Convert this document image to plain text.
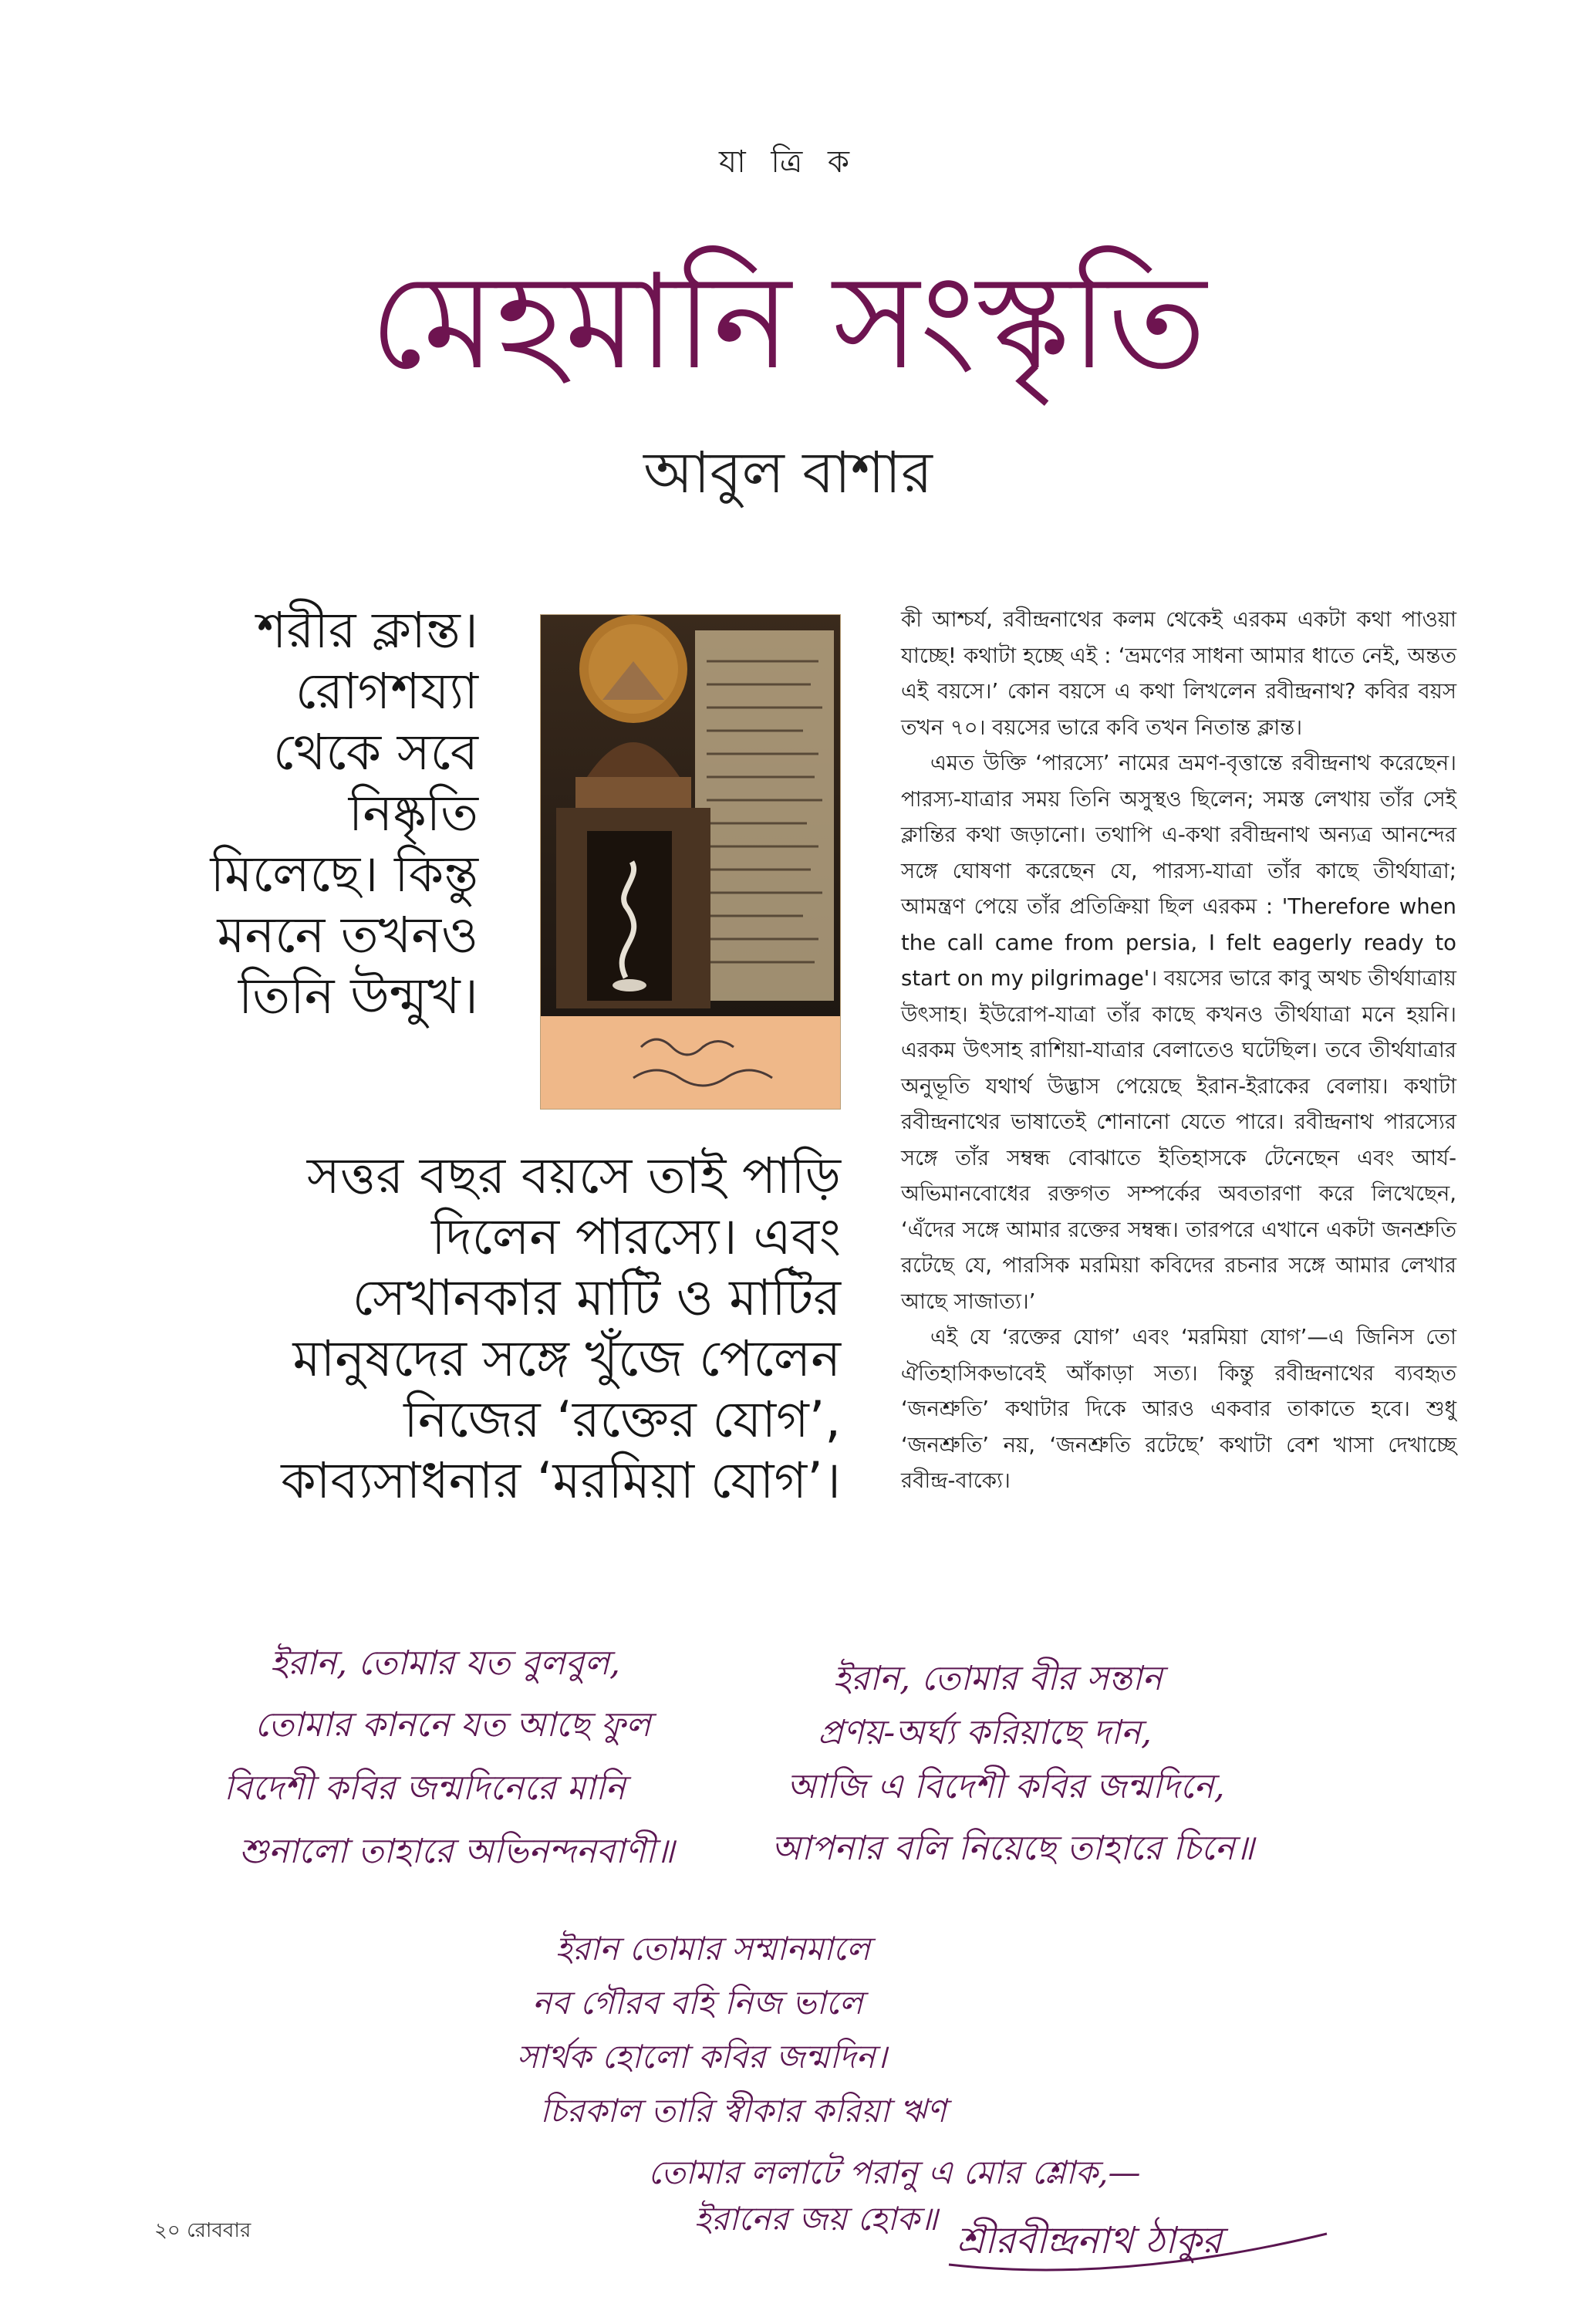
যা ত্রি ক
মেহমানি সংস্কৃতি
আবুল বাশার
শরীর ক্লান্ত।
রোগশয্যা
থেকে সবে
নিষ্কৃতি
মিলেছে। কিন্তু
মননে তখনও
তিনি উন্মুখ।
সত্তর বছর বয়সে তাই পাড়ি
দিলেন পারস্যে। এবং
সেখানকার মাটি ও মাটির
মানুষদের সঙ্গে খুঁজে পেলেন
নিজের ‘রক্তের যোগ’,
কাব্যসাধনার ‘মরমিয়া যোগ’।

কী আশ্চর্য, রবীন্দ্রনাথের কলম থেকেই এরকম একটা কথা পাওয়া যাচ্ছে! কথাটা হচ্ছে এই : ‘ভ্রমণের সাধনা আমার ধাতে নেই, অন্তত এই বয়সে।’ কোন বয়সে এ কথা লিখলেন রবীন্দ্রনাথ? কবির বয়স তখন ৭০। বয়সের ভারে কবি তখন নিতান্ত ক্লান্ত।

এমত উক্তি ‘পারস্যে’ নামের ভ্রমণ-বৃত্তান্তে রবীন্দ্রনাথ করেছেন। পারস্য-যাত্রার সময় তিনি অসুস্থও ছিলেন; সমস্ত লেখায় তাঁর সেই ক্লান্তির কথা জড়ানো। তথাপি এ-কথা রবীন্দ্রনাথ অন্যত্র আনন্দের সঙ্গে ঘোষণা করেছেন যে, পারস্য-যাত্রা তাঁর কাছে তীর্থযাত্রা; আমন্ত্রণ পেয়ে তাঁর প্রতিক্রিয়া ছিল এরকম : 'Therefore when the call came from persia, I felt eagerly ready to start on my pilgrimage'। বয়সের ভারে কাবু অথচ তীর্থযাত্রায় উৎসাহ। ইউরোপ-যাত্রা তাঁর কাছে কখনও তীর্থযাত্রা মনে হয়নি। এরকম উৎসাহ রাশিয়া-যাত্রার বেলাতেও ঘটেছিল। তবে তীর্থযাত্রার অনুভূতি যথার্থ উদ্ভাস পেয়েছে ইরান-ইরাকের বেলায়। কথাটা রবীন্দ্রনাথের ভাষাতেই শোনানো যেতে পারে। রবীন্দ্রনাথ পারস্যের সঙ্গে তাঁর সম্বন্ধ বোঝাতে ইতিহাসকে টেনেছেন এবং আর্য-অভিমানবোধের রক্তগত সম্পর্কের অবতারণা করে লিখেছেন, ‘এঁদের সঙ্গে আমার রক্তের সম্বন্ধ। তারপরে এখানে একটা জনশ্রুতি রটেছে যে, পারসিক মরমিয়া কবিদের রচনার সঙ্গে আমার লেখার আছে সাজাত্য।’

এই যে ‘রক্তের যোগ’ এবং ‘মরমিয়া যোগ’—এ জিনিস তো ঐতিহাসিকভাবেই আঁকাড়া সত্য। কিন্তু রবীন্দ্রনাথের ব্যবহৃত ‘জনশ্রুতি’ কথাটার দিকে আরও একবার তাকাতে হবে। শুধু ‘জনশ্রুতি’ নয়, ‘জনশ্রুতি রটেছে’ কথাটা বেশ খাসা দেখাচ্ছে রবীন্দ্র-বাক্যে।

ইরান, তোমার যত বুলবুল,
তোমার কাননে যত আছে ফুল
বিদেশী কবির জন্মদিনেরে মানি
শুনালো তাহারে অভিনন্দনবাণী॥
ইরান, তোমার বীর সন্তান
প্রণয়-অর্ঘ্য করিয়াছে দান,
আজি এ বিদেশী কবির জন্মদিনে,
আপনার বলি নিয়েছে তাহারে চিনে॥
ইরান তোমার সম্মানমালে
নব গৌরব বহি নিজ ভালে
সার্থক হোলো কবির জন্মদিন।
চিরকাল তারি স্বীকার করিয়া ঋণ
তোমার ললাটে পরানু এ মোর শ্লোক,—
ইরানের জয় হোক॥
শ্রীরবীন্দ্রনাথ ঠাকুর
২০ রোববার
